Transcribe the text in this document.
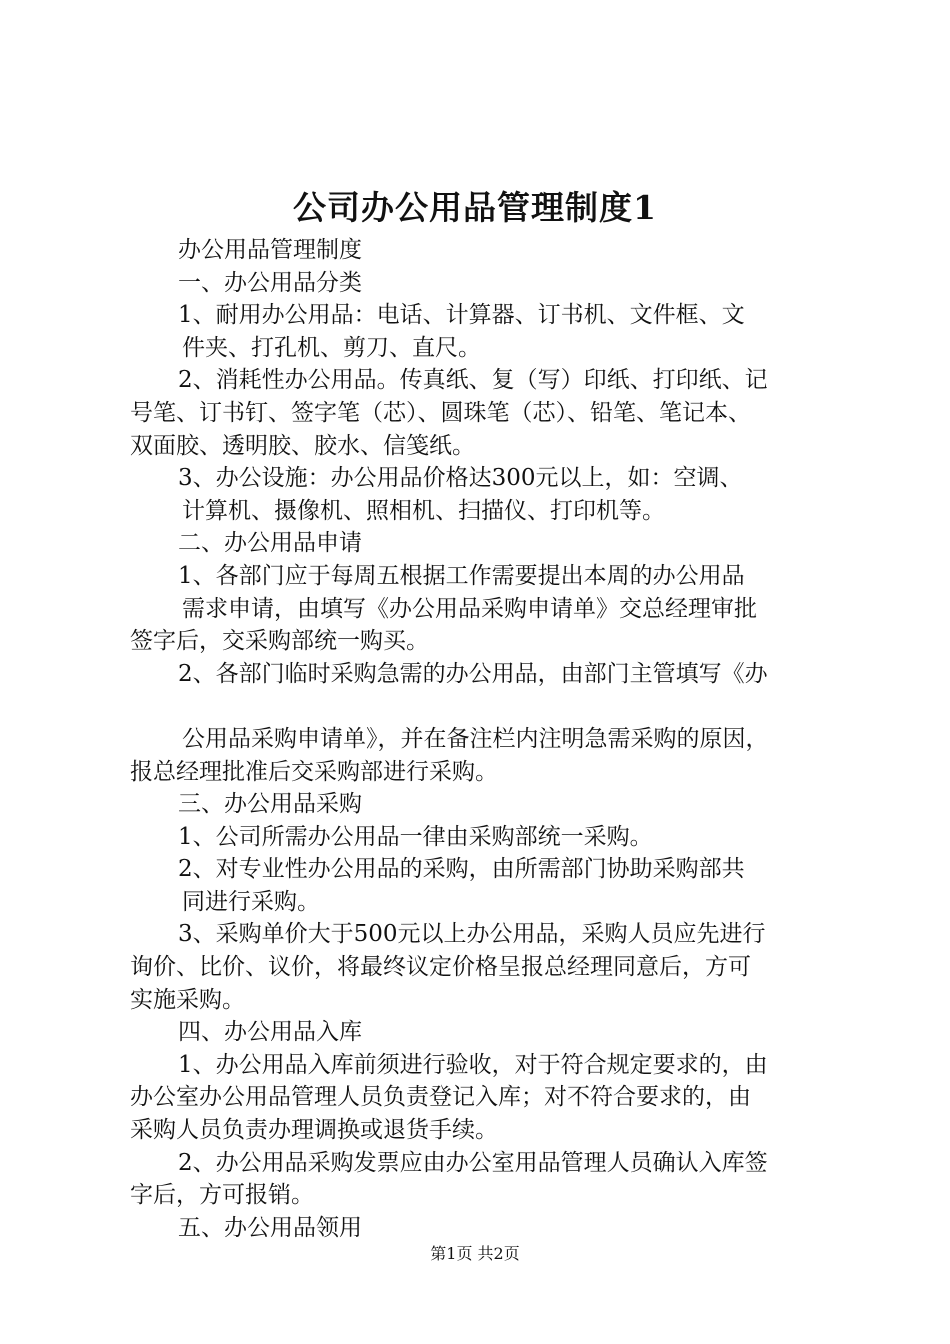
公司办公用品管理制度1
办公用品管理制度
一、办公用品分类
1、耐用办公用品：电话、计算器、订书机、文件框、文
件夹、打孔机、剪刀、直尺。
2、消耗性办公用品。传真纸、复（写）印纸、打印纸、记
号笔、订书钉、签字笔（芯）、圆珠笔（芯）、铅笔、笔记本、
双面胶、透明胶、胶水、信笺纸。
3、办公设施：办公用品价格达300元以上，如：空调、
计算机、摄像机、照相机、扫描仪、打印机等。
二、办公用品申请
1、各部门应于每周五根据工作需要提出本周的办公用品
需求申请，由填写《办公用品采购申请单》交总经理审批
签字后，交采购部统一购买。
2、各部门临时采购急需的办公用品，由部门主管填写《办
公用品采购申请单》，并在备注栏内注明急需采购的原因，
报总经理批准后交采购部进行采购。
三、办公用品采购
1、公司所需办公用品一律由采购部统一采购。
2、对专业性办公用品的采购，由所需部门协助采购部共
同进行采购。
3、采购单价大于500元以上办公用品，采购人员应先进行
询价、比价、议价，将最终议定价格呈报总经理同意后，方可
实施采购。
四、办公用品入库
1、办公用品入库前须进行验收，对于符合规定要求的，由
办公室办公用品管理人员负责登记入库；对不符合要求的，由
采购人员负责办理调换或退货手续。
2、办公用品采购发票应由办公室用品管理人员确认入库签
字后，方可报销。
五、办公用品领用
第1页 共2页
